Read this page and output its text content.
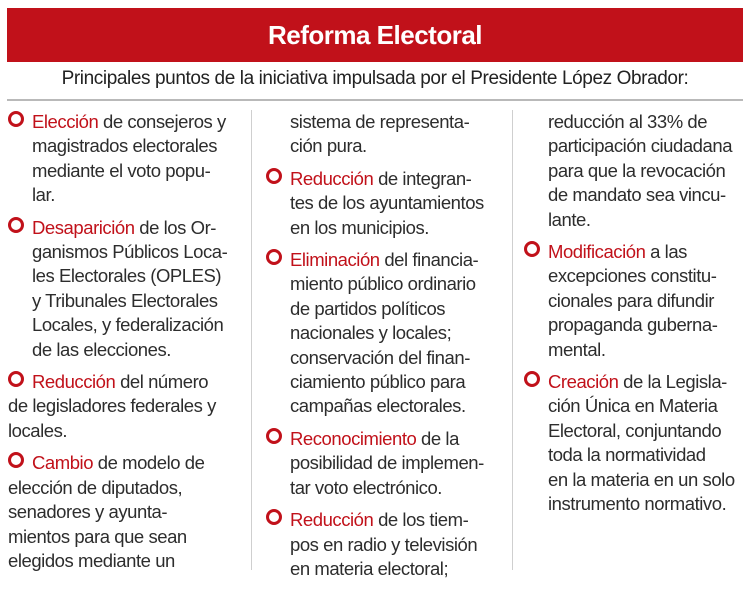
Reforma Electoral
Principales puntos de la iniciativa impulsada por el Presidente López Obrador:
Elección de consejeros y
magistrados electorales
mediante el voto popu-
lar.
Desaparición de los Or-
ganismos Públicos Loca-
les Electorales (OPLES)
y Tribunales Electorales
Locales, y federalización
de las elecciones.
Reducción del número
de legisladores federales y
locales.
Cambio de modelo de
elección de diputados,
senadores y ayunta-
mientos para que sean
elegidos mediante un
sistema de representa-
ción pura.
Reducción de integran-
tes de los ayuntamientos
en los municipios.
Eliminación del financia-
miento público ordinario
de partidos políticos
nacionales y locales;
conservación del finan-
ciamiento público para
campañas electorales.
Reconocimiento de la
posibilidad de implemen-
tar voto electrónico.
Reducción de los tiem-
pos en radio y televisión
en materia electoral;
reducción al 33% de
participación ciudadana
para que la revocación
de mandato sea vincu-
lante.
Modificación a las
excepciones constitu-
cionales para difundir
propaganda guberna-
mental.
Creación de la Legisla-
ción Única en Materia
Electoral, conjuntando
toda la normatividad
en la materia en un solo
instrumento normativo.
